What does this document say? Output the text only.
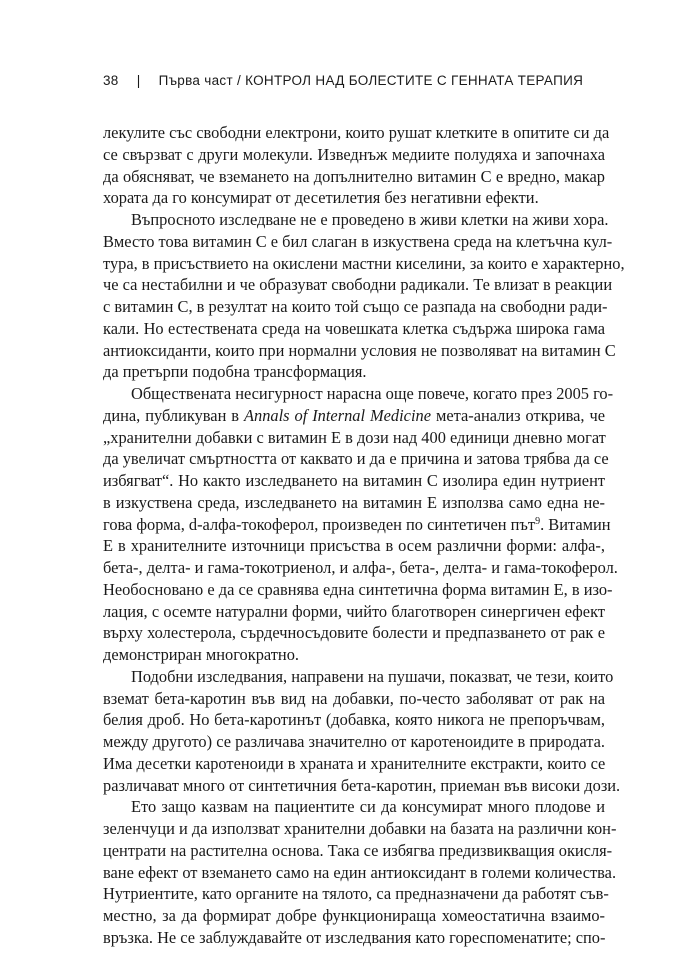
38 | Първа част / КОНТРОЛ НАД БОЛЕСТИТЕ С ГЕННАТА ТЕРАПИЯ
лекулите със свободни електрони, които рушат клетките в опитите си да
се свързват с други молекули. Изведнъж медиите полудяха и започнаха
да обясняват, че вземането на допълнително витамин С е вредно, макар
хората да го консумират от десетилетия без негативни ефекти.
Въпросното изследване не е проведено в живи клетки на живи хора.
Вместо това витамин С е бил слаган в изкуствена среда на клетъчна кул-
тура, в присъствието на окислени мастни киселини, за които е характерно,
че са нестабилни и че образуват свободни радикали. Те влизат в реакции
с витамин С, в резултат на които той също се разпада на свободни ради-
кали. Но естествената среда на човешката клетка съдържа широка гама
антиоксиданти, които при нормални условия не позволяват на витамин С
да претърпи подобна трансформация.
Обществената несигурност нарасна още повече, когато през 2005 го-
дина, публикуван в Annals of Internal Medicine мета-анализ открива, че
„хранителни добавки с витамин Е в дози над 400 единици дневно могат
да увеличат смъртността от каквато и да е причина и затова трябва да се
избягват“. Но както изследването на витамин С изолира един нутриент
в изкуствена среда, изследването на витамин Е използва само една не-
гова форма, d-алфа-токоферол, произведен по синтетичен път$^9$. Витамин
Е в хранителните източници присъства в осем различни форми: алфа-,
бета-, делта- и гама-токотриенол, и алфа-, бета-, делта- и гама-токоферол.
Необосновано е да се сравнява една синтетична форма витамин Е, в изо-
лация, с осемте натурални форми, чийто благотворен синергичен ефект
върху холестерола, сърдечносъдовите болести и предпазването от рак е
демонстриран многократно.
Подобни изследвания, направени на пушачи, показват, че тези, които
вземат бета-каротин във вид на добавки, по-често заболяват от рак на
белия дроб. Но бета-каротинът (добавка, която никога не препоръчвам,
между другото) се различава значително от каротеноидите в природата.
Има десетки каротеноиди в храната и хранителните екстракти, които се
различават много от синтетичния бета-каротин, приеман във високи дози.
Ето защо казвам на пациентите си да консумират много плодове и
зеленчуци и да използват хранителни добавки на базата на различни кон-
центрати на растителна основа. Така се избягва предизвикващия окисля-
ване ефект от вземането само на един антиоксидант в големи количества.
Нутриентите, като органите на тялото, са предназначени да работят съв-
местно, за да формират добре функционираща хомеостатична взаимо-
връзка. Не се заблуждавайте от изследвания като гореспоменатите; спо-
